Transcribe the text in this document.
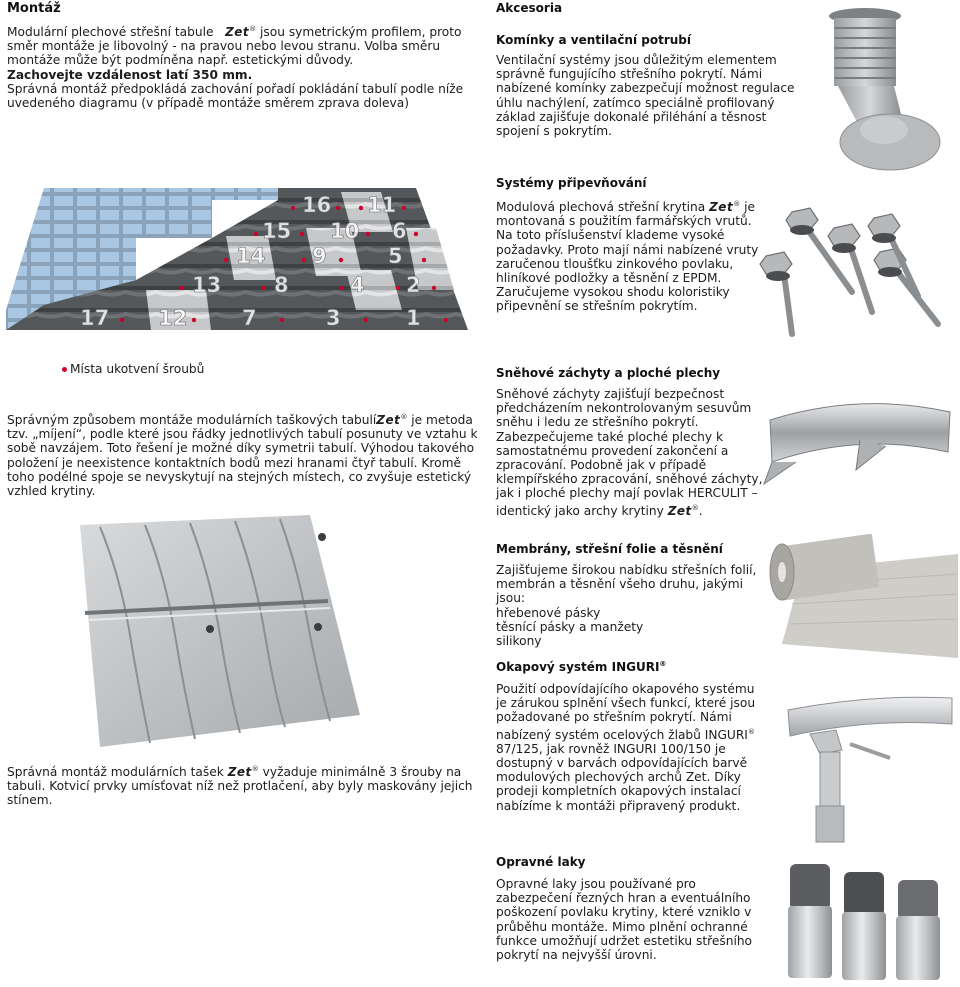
Montáž
Modulární plechové střešní tabule Zet® jsou symetrickým profilem, proto
směr montáže je libovolný - na pravou nebo levou stranu. Volba směru
montáže může být podmíněna např. estetickými důvody.
Zachovejte vzdálenost latí 350 mm.
Správná montáž předpokládá zachování pořadí pokládání tabulí podle níže
uvedeného diagramu (v případě montáže směrem zprava doleva)
16 11
15 10 6
14 9	5
13	8	4 2
17 12	7	3	1
Místa ukotvení šroubů
Správným způsobem montáže modulárních taškových tabulíZet® je metoda
tzv. „míjení“, podle které jsou řádky jednotlivých tabulí posunuty ve vztahu k
sobě navzájem. Toto řešení je možné díky symetrii tabulí. Výhodou takového
položení je neexistence kontaktních bodů mezi hranami čtyř tabulí. Kromě
toho podélné spoje se nevyskytují na stejných místech, co zvyšuje estetický
vzhled krytiny.
Správná montáž modulárních tašek Zet® vyžaduje minimálně 3 šrouby na
tabuli. Kotvicí prvky umísťovat níž než protlačení, aby byly maskovány jejich
stínem.
Akcesoria
Komínky a ventilační potrubí
Ventilační systémy jsou důležitým elementem
správně fungujícího střešního pokrytí. Námi
nabízené komínky zabezpečují možnost regulace
úhlu nachýlení, zatímco speciálně profilovaný
základ zajišťuje dokonalé přiléhání a těsnost
spojení s pokrytím.
Systémy připevňování
Modulová plechová střešní krytina Zet® je
montovaná s použitím farmářských vrutů.
Na toto příslušenství klademe vysoké
požadavky. Proto mají námi nabízené vruty
zaručenou tloušťku zinkového povlaku,
hliníkové podložky a těsnění z EPDM.
Zaručujeme vysokou shodu koloristiky
připevnění se střešním pokrytím.
Sněhové záchyty a ploché plechy
Sněhové záchyty zajišťují bezpečnost
předcházením nekontrolovaným sesuvům
sněhu i ledu ze střešního pokrytí.
Zabezpečujeme také ploché plechy k
samostatnému provedení zakončení a
zpracování. Podobně jak v případě
klempířského zpracování, sněhové záchyty,
jak i ploché plechy mají povlak HERCULIT –
identický jako archy krytiny Zet®.
Membrány, střešní folie a těsnění
Zajišťujeme širokou nabídku střešních folií,
membrán a těsnění všeho druhu, jakými
jsou:
hřebenové pásky
těsnící pásky a manžety
silikony
Okapový systém INGURI®
Použití odpovídajícího okapového systému
je zárukou splnění všech funkcí, které jsou
požadované po střešním pokrytí. Námi
nabízený systém ocelových žlabů INGURI®
87/125, jak rovněž INGURI 100/150 je
dostupný v barvách odpovídajících barvě
modulových plechových archů Zet. Díky
prodeji kompletních okapových instalací
nabízíme k montáži připravený produkt.
Opravné laky
Opravné laky jsou používané pro
zabezpečení řezných hran a eventuálního
poškození povlaku krytiny, které vzniklo v
průběhu montáže. Mimo plnění ochranné
funkce umožňují udržet estetiku střešního
pokrytí na nejvyšší úrovni.
